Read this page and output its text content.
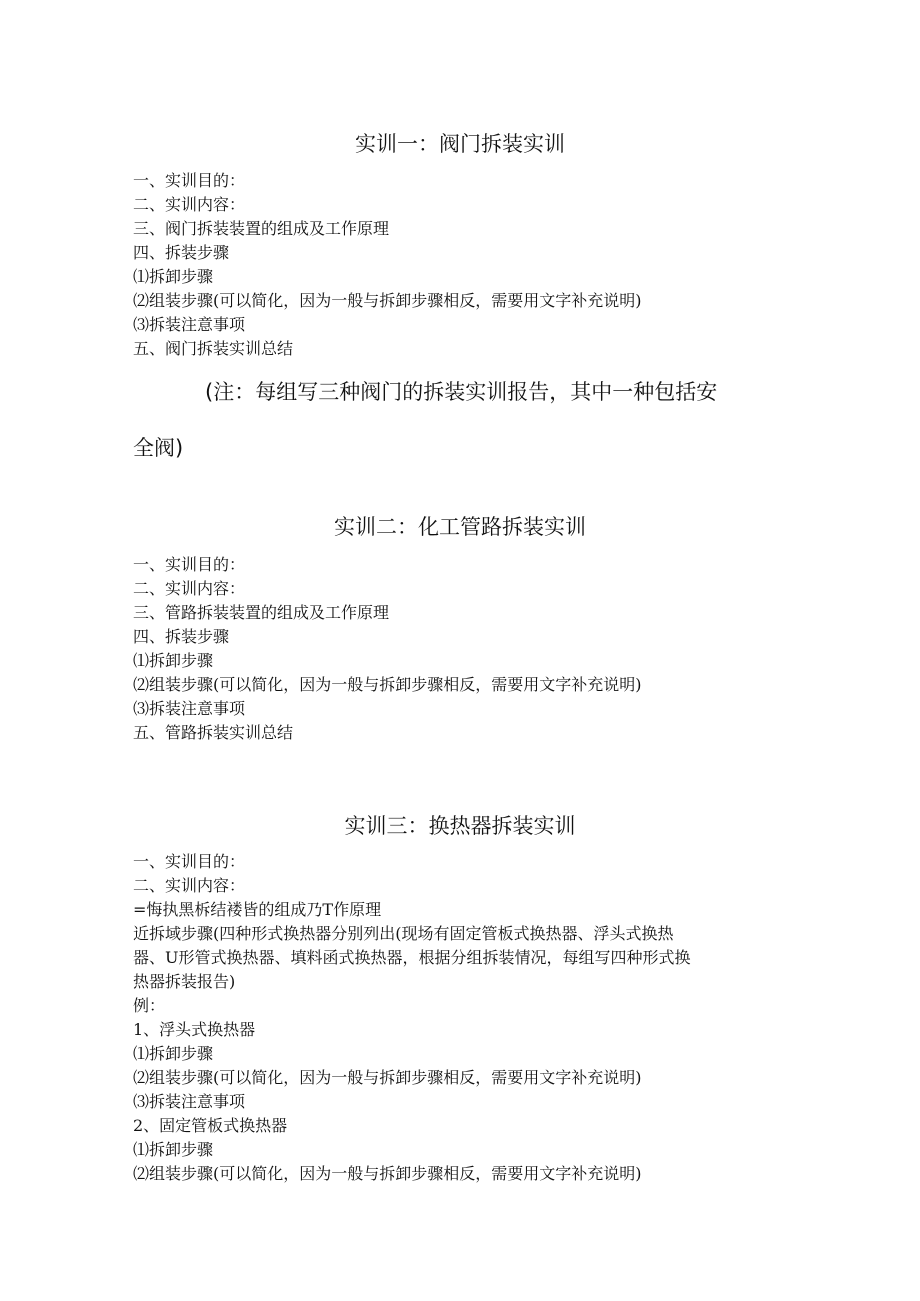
实训一：阀门拆装实训
一、实训目的：
二、实训内容：
三、阀门拆装装置的组成及工作原理
四、拆装步骤
⑴拆卸步骤
⑵组装步骤(可以简化，因为一般与拆卸步骤相反，需要用文字补充说明)
⑶拆装注意事项
五、阀门拆装实训总结
(注：每组写三种阀门的拆装实训报告，其中一种包括安
全阀)
实训二：化工管路拆装实训
一、实训目的：
二、实训内容：
三、管路拆装装置的组成及工作原理
四、拆装步骤
⑴拆卸步骤
⑵组装步骤(可以简化，因为一般与拆卸步骤相反，需要用文字补充说明)
⑶拆装注意事项
五、管路拆装实训总结
实训三：换热器拆装实训
一、实训目的：
二、实训内容：
=悔执黑柝结褛皆的组成乃T作原理
近拆域步骤(四种形式换热器分别列出(现场有固定管板式换热器、浮头式换热
器、U形管式换热器、填料函式换热器，根据分组拆装情况，每组写四种形式换
热器拆装报告)
例：
1、浮头式换热器
⑴拆卸步骤
⑵组装步骤(可以简化，因为一般与拆卸步骤相反，需要用文字补充说明)
⑶拆装注意事项
2、固定管板式换热器
⑴拆卸步骤
⑵组装步骤(可以简化，因为一般与拆卸步骤相反，需要用文字补充说明)
